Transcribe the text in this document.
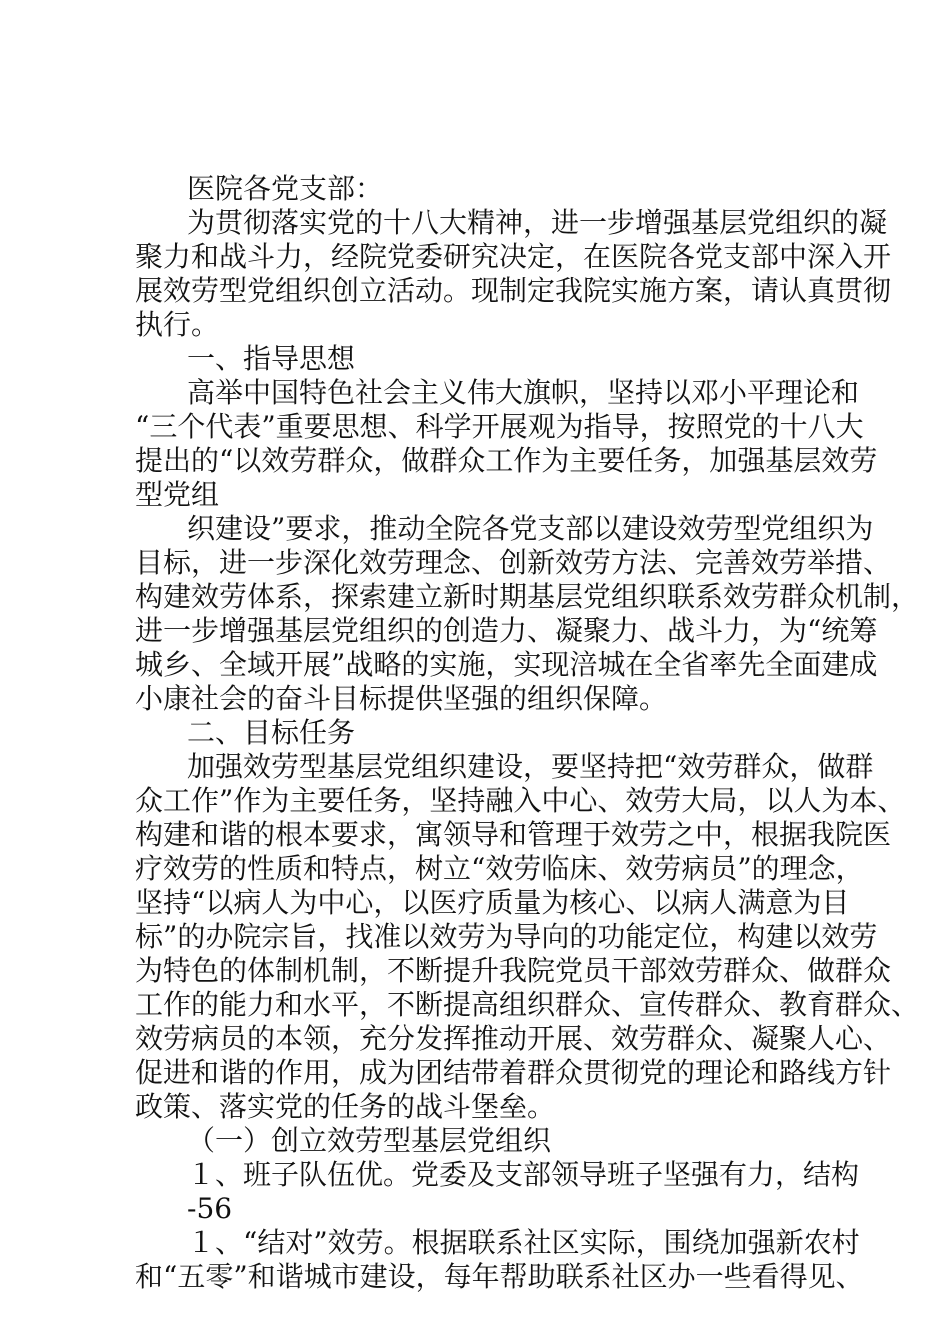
医院各党支部：
为贯彻落实党的十八大精神，进一步增强基层党组织的凝
聚力和战斗力，经院党委研究决定，在医院各党支部中深入开
展效劳型党组织创立活动。现制定我院实施方案，请认真贯彻
执行。
一、指导思想
高举中国特色社会主义伟大旗帜，坚持以邓小平理论和
“三个代表”重要思想、科学开展观为指导，按照党的十八大
提出的“以效劳群众，做群众工作为主要任务，加强基层效劳
型党组
织建设”要求，推动全院各党支部以建设效劳型党组织为
目标，进一步深化效劳理念、创新效劳方法、完善效劳举措、
构建效劳体系，探索建立新时期基层党组织联系效劳群众机制，
进一步增强基层党组织的创造力、凝聚力、战斗力，为“统筹
城乡、全域开展”战略的实施，实现涪城在全省率先全面建成
小康社会的奋斗目标提供坚强的组织保障。
二、目标任务
加强效劳型基层党组织建设，要坚持把“效劳群众，做群
众工作”作为主要任务，坚持融入中心、效劳大局，以人为本、
构建和谐的根本要求，寓领导和管理于效劳之中，根据我院医
疗效劳的性质和特点，树立“效劳临床、效劳病员”的理念，
坚持“以病人为中心，以医疗质量为核心、以病人满意为目
标”的办院宗旨，找准以效劳为导向的功能定位，构建以效劳
为特色的体制机制，不断提升我院党员干部效劳群众、做群众
工作的能力和水平，不断提高组织群众、宣传群众、教育群众、
效劳病员的本领，充分发挥推动开展、效劳群众、凝聚人心、
促进和谐的作用，成为团结带着群众贯彻党的理论和路线方针
政策、落实党的任务的战斗堡垒。
（一）创立效劳型基层党组织
１、班子队伍优。党委及支部领导班子坚强有力，结构
-56
１、“结对”效劳。根据联系社区实际，围绕加强新农村
和“五零”和谐城市建设，每年帮助联系社区办一些看得见、
